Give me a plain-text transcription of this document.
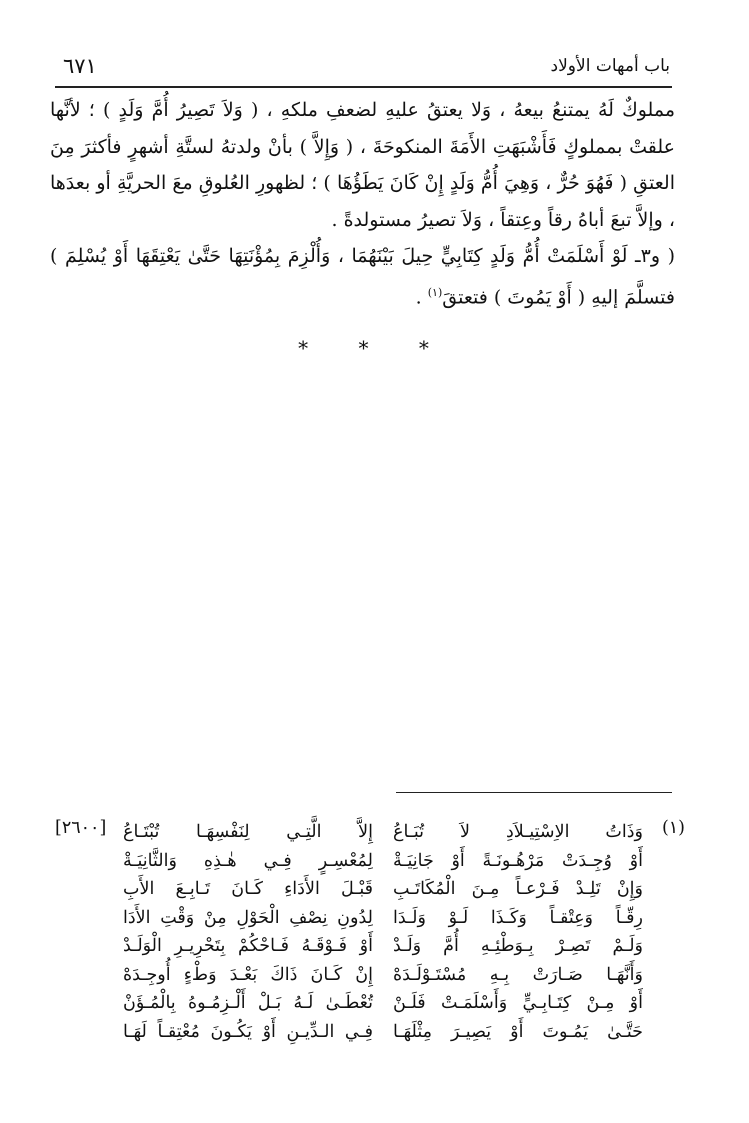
باب أمهات الأولاد
٦٧١

مملوكٌ لَهُ يمتنعُ بيعهُ ، وَلا يعتقُ عليهِ لضعفِ ملكهِ ، ( وَلاَ تَصِيرُ أُمَّ وَلَدٍ ) ؛ لأنَّها علقتْ بمملوكٍ فَأَشْبَهَتِ الأَمَةَ المنكوحَةَ ، ( وَإِلاَّ ) بأنْ ولدتهُ لستَّةِ أشهرٍ فأكثرَ مِنَ العتقِ ( فَهُوَ حُرٌّ ، وَهِيَ أُمُّ وَلَدٍ إِنْ كَانَ يَطَؤُهَا ) ؛ لظهورِ العُلوقِ معَ الحريَّةِ أو بعدَها ، وإلاَّ تبعَ أباهُ رقاً وعِتقاً ، وَلاَ تصيرُ مستولدةً .

( و٣ـ لَوْ أَسْلَمَتْ أُمُّ وَلَدٍ كِتَابِيٍّ حِيلَ بَيْنَهُمَا ، وَأُلْزِمَ بِمُؤْنَتِهَا حَتَّىٰ يَعْتِقَهَا أَوْ يُسْلِمَ ) فتسلَّمَ إليهِ ( أَوْ يَمُوتَ ) فتعتقَ$^{(١)}$ .

* * *
(١)
وَذَاتُ الاِسْتِيـلاَدِ لاَ تُبَـاعُ
أَوْ وُجِـدَتْ مَرْهُـونَـةً أَوْ جَانِيَـةْ
وَإِنْ تَلِـدْ فَـرْعـاً مِـنَ الْمُكَاتَـبِ
رِقّـاً وَعِتْقـاً وَكَـذَا لَـوْ وَلَـدَا
وَلَـمْ تَصِـرْ بِـوَطْئِـهِ أُمَّ وَلَـدْ
وَأَنَّهَـا صَـارَتْ بِـهِ مُسْتَـوْلَـدَهْ
أَوْ مِـنْ كِتَـابِـيٍّ وَأَسْلَمَـتْ فَلَـنْ
حَتَّـىٰ يَمُـوتَ أَوْ يَصِيـرَ مِثْلَهَـا
إِلاَّ الَّتِـي لِنَفْسِهَـا تُبْتَـاعُ
لِمُعْسِـرٍ فِـي هٰـذِهِ وَالثَّانِيَـةْ
قَبْـلَ الأَدَاءِ كَـانَ تَـابِـعَ الأَبِ
لِدُونِ نِصْفِ الْحَوْلِ مِنْ وَقْتِ الأَدَا
أَوْ فَـوْقَـهُ فَـاحْكُمْ بِتَحْرِيـرِ الْوَلَـدْ
إِنْ كَـانَ ذَاكَ بَعْـدَ وَطْءٍ أُوجِـدَهْ
تُعْطَـىٰ لَـهُ بَـلْ أَلْـزِمُـوهُ بِالْمُـؤَنْ
فِـي الـدِّيـنِ أَوْ يَكُـونَ مُعْتِقـاً لَهَـا
[٢٦٠٠]
